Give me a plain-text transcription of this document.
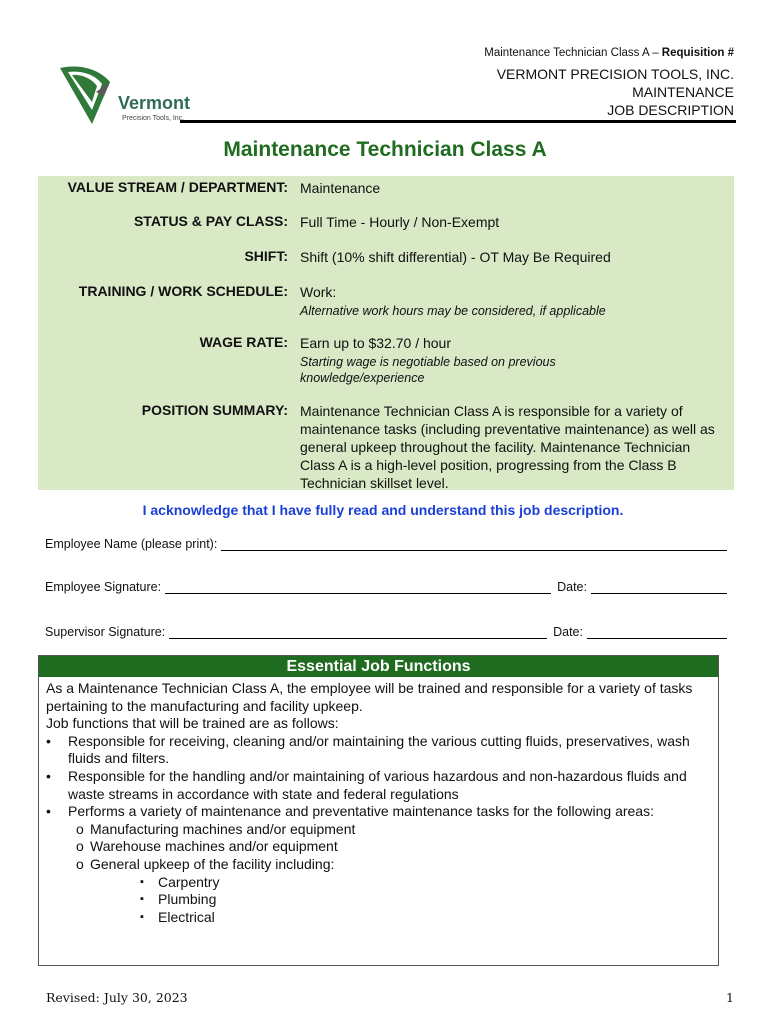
Maintenance Technician Class A – Requisition #
VERMONT PRECISION TOOLS, INC.
MAINTENANCE
JOB DESCRIPTION
Vermont
Precision Tools, Inc.
Maintenance Technician Class A
VALUE STREAM / DEPARTMENT: Maintenance
STATUS & PAY CLASS: Full Time - Hourly / Non-Exempt
SHIFT: Shift (10% shift differential) - OT May Be Required
TRAINING / WORK SCHEDULE: Work:
Alternative work hours may be considered, if applicable
WAGE RATE: Earn up to $32.70 / hour
Starting wage is negotiable based on previous knowledge/experience
POSITION SUMMARY: Maintenance Technician Class A is responsible for a variety of maintenance tasks (including preventative maintenance) as well as general upkeep throughout the facility. Maintenance Technician Class A is a high-level position, progressing from the Class B Technician skillset level.
I acknowledge that I have fully read and understand this job description.
Employee Name (please print):
Employee Signature:	Date:
Supervisor Signature:	Date:
Essential Job Functions
As a Maintenance Technician Class A, the employee will be trained and responsible for a variety of tasks pertaining to the manufacturing and facility upkeep.
Job functions that will be trained are as follows:
• Responsible for receiving, cleaning and/or maintaining the various cutting fluids, preservatives, wash fluids and filters.
• Responsible for the handling and/or maintaining of various hazardous and non-hazardous fluids and waste streams in accordance with state and federal regulations
• Performs a variety of maintenance and preventative maintenance tasks for the following areas:
o Manufacturing machines and/or equipment
o Warehouse machines and/or equipment
o General upkeep of the facility including:
▪ Carpentry
▪ Plumbing
▪ Electrical
Revised: July 30, 2023	1
